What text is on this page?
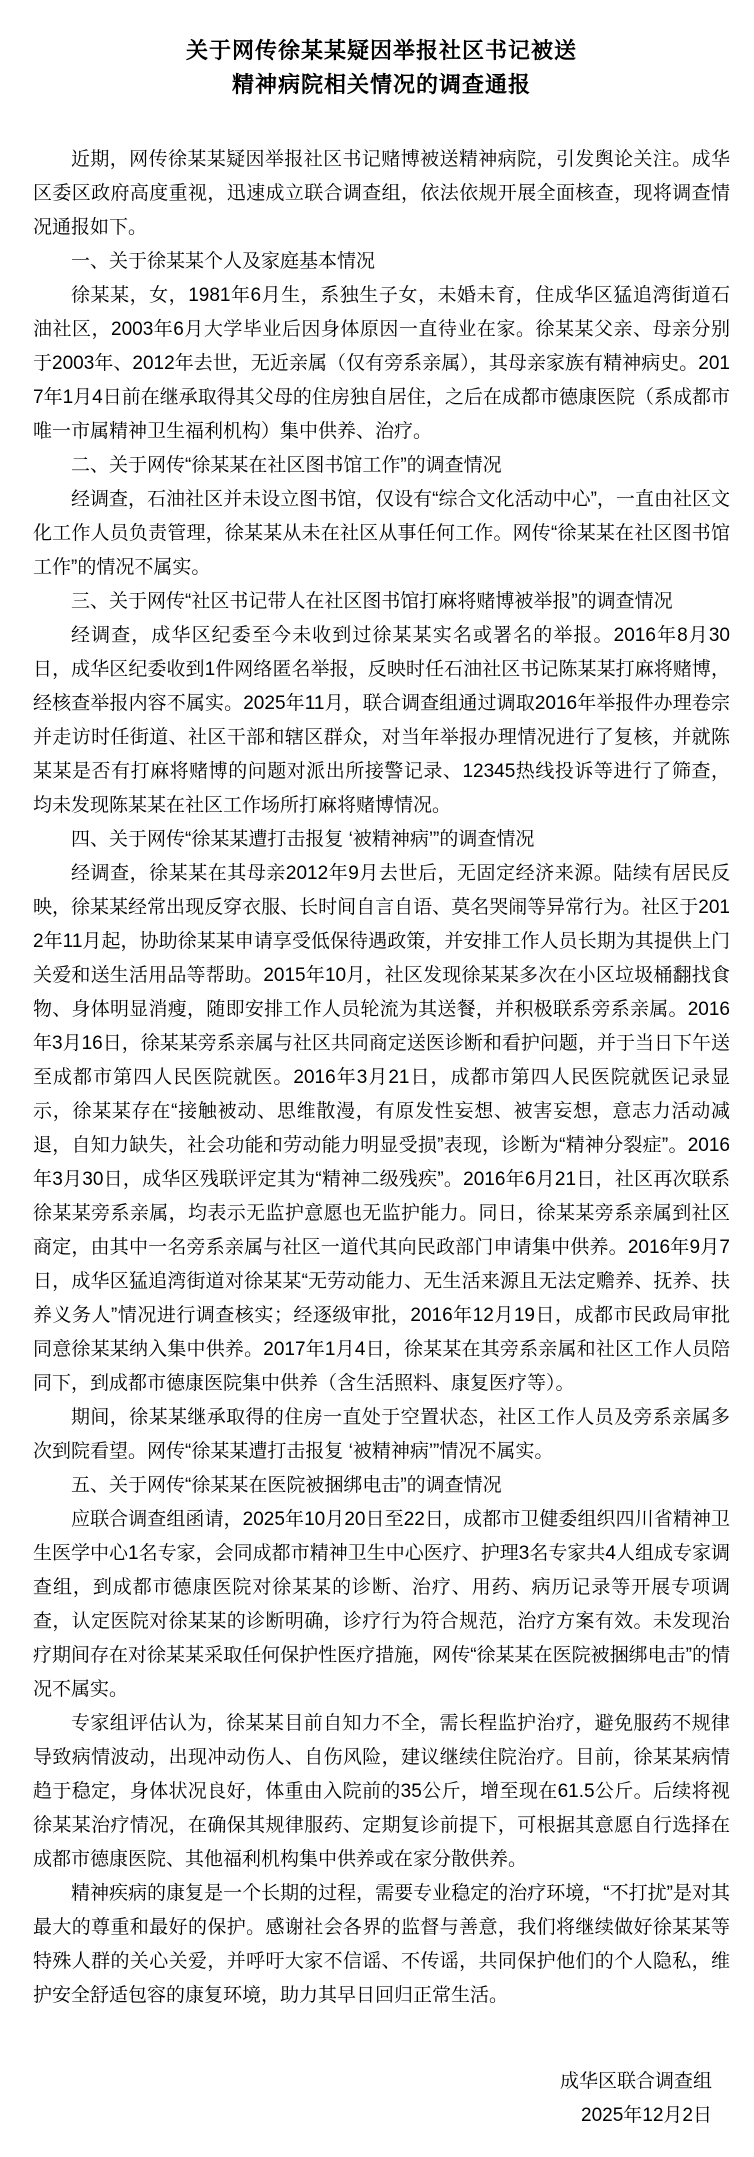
关于网传徐某某疑因举报社区书记被送
精神病院相关情况的调查通报

近期，网传徐某某疑因举报社区书记赌博被送精神病院，引发舆论关注。成华区委区政府高度重视，迅速成立联合调查组，依法依规开展全面核查，现将调查情况通报如下。

一、关于徐某某个人及家庭基本情况

徐某某，女，1981年6月生，系独生子女，未婚未育，住成华区猛追湾街道石油社区，2003年6月大学毕业后因身体原因一直待业在家。徐某某父亲、母亲分别于2003年、2012年去世，无近亲属（仅有旁系亲属），其母亲家族有精神病史。2017年1月4日前在继承取得其父母的住房独自居住，之后在成都市德康医院（系成都市唯一市属精神卫生福利机构）集中供养、治疗。

二、关于网传“徐某某在社区图书馆工作”的调查情况

经调查，石油社区并未设立图书馆，仅设有“综合文化活动中心”，一直由社区文化工作人员负责管理，徐某某从未在社区从事任何工作。网传“徐某某在社区图书馆工作”的情况不属实。

三、关于网传“社区书记带人在社区图书馆打麻将赌博被举报”的调查情况

经调查，成华区纪委至今未收到过徐某某实名或署名的举报。2016年8月30日，成华区纪委收到1件网络匿名举报，反映时任石油社区书记陈某某打麻将赌博，经核查举报内容不属实。2025年11月，联合调查组通过调取2016年举报件办理卷宗并走访时任街道、社区干部和辖区群众，对当年举报办理情况进行了复核，并就陈某某是否有打麻将赌博的问题对派出所接警记录、12345热线投诉等进行了筛查，均未发现陈某某在社区工作场所打麻将赌博情况。

四、关于网传“徐某某遭打击报复 ‘被精神病’”的调查情况

经调查，徐某某在其母亲2012年9月去世后，无固定经济来源。陆续有居民反映，徐某某经常出现反穿衣服、长时间自言自语、莫名哭闹等异常行为。社区于2012年11月起，协助徐某某申请享受低保待遇政策，并安排工作人员长期为其提供上门关爱和送生活用品等帮助。2015年10月，社区发现徐某某多次在小区垃圾桶翻找食物、身体明显消瘦，随即安排工作人员轮流为其送餐，并积极联系旁系亲属。2016年3月16日，徐某某旁系亲属与社区共同商定送医诊断和看护问题，并于当日下午送至成都市第四人民医院就医。2016年3月21日，成都市第四人民医院就医记录显示，徐某某存在“接触被动、思维散漫，有原发性妄想、被害妄想，意志力活动减退，自知力缺失，社会功能和劳动能力明显受损”表现，诊断为“精神分裂症”。2016年3月30日，成华区残联评定其为“精神二级残疾”。2016年6月21日，社区再次联系徐某某旁系亲属，均表示无监护意愿也无监护能力。同日，徐某某旁系亲属到社区商定，由其中一名旁系亲属与社区一道代其向民政部门申请集中供养。2016年9月7日，成华区猛追湾街道对徐某某“无劳动能力、无生活来源且无法定赡养、抚养、扶养义务人”情况进行调查核实；经逐级审批，2016年12月19日，成都市民政局审批同意徐某某纳入集中供养。2017年1月4日，徐某某在其旁系亲属和社区工作人员陪同下，到成都市德康医院集中供养（含生活照料、康复医疗等）。

期间，徐某某继承取得的住房一直处于空置状态，社区工作人员及旁系亲属多次到院看望。网传“徐某某遭打击报复 ‘被精神病’”情况不属实。

五、关于网传“徐某某在医院被捆绑电击”的调查情况

应联合调查组函请，2025年10月20日至22日，成都市卫健委组织四川省精神卫生医学中心1名专家，会同成都市精神卫生中心医疗、护理3名专家共4人组成专家调查组，到成都市德康医院对徐某某的诊断、治疗、用药、病历记录等开展专项调查，认定医院对徐某某的诊断明确，诊疗行为符合规范，治疗方案有效。未发现治疗期间存在对徐某某采取任何保护性医疗措施，网传“徐某某在医院被捆绑电击”的情况不属实。

专家组评估认为，徐某某目前自知力不全，需长程监护治疗，避免服药不规律导致病情波动，出现冲动伤人、自伤风险，建议继续住院治疗。目前，徐某某病情趋于稳定，身体状况良好，体重由入院前的35公斤，增至现在61.5公斤。后续将视徐某某治疗情况，在确保其规律服药、定期复诊前提下，可根据其意愿自行选择在成都市德康医院、其他福利机构集中供养或在家分散供养。

精神疾病的康复是一个长期的过程，需要专业稳定的治疗环境，“不打扰”是对其最大的尊重和最好的保护。感谢社会各界的监督与善意，我们将继续做好徐某某等特殊人群的关心关爱，并呼吁大家不信谣、不传谣，共同保护他们的个人隐私，维护安全舒适包容的康复环境，助力其早日回归正常生活。

成华区联合调查组
2025年12月2日
